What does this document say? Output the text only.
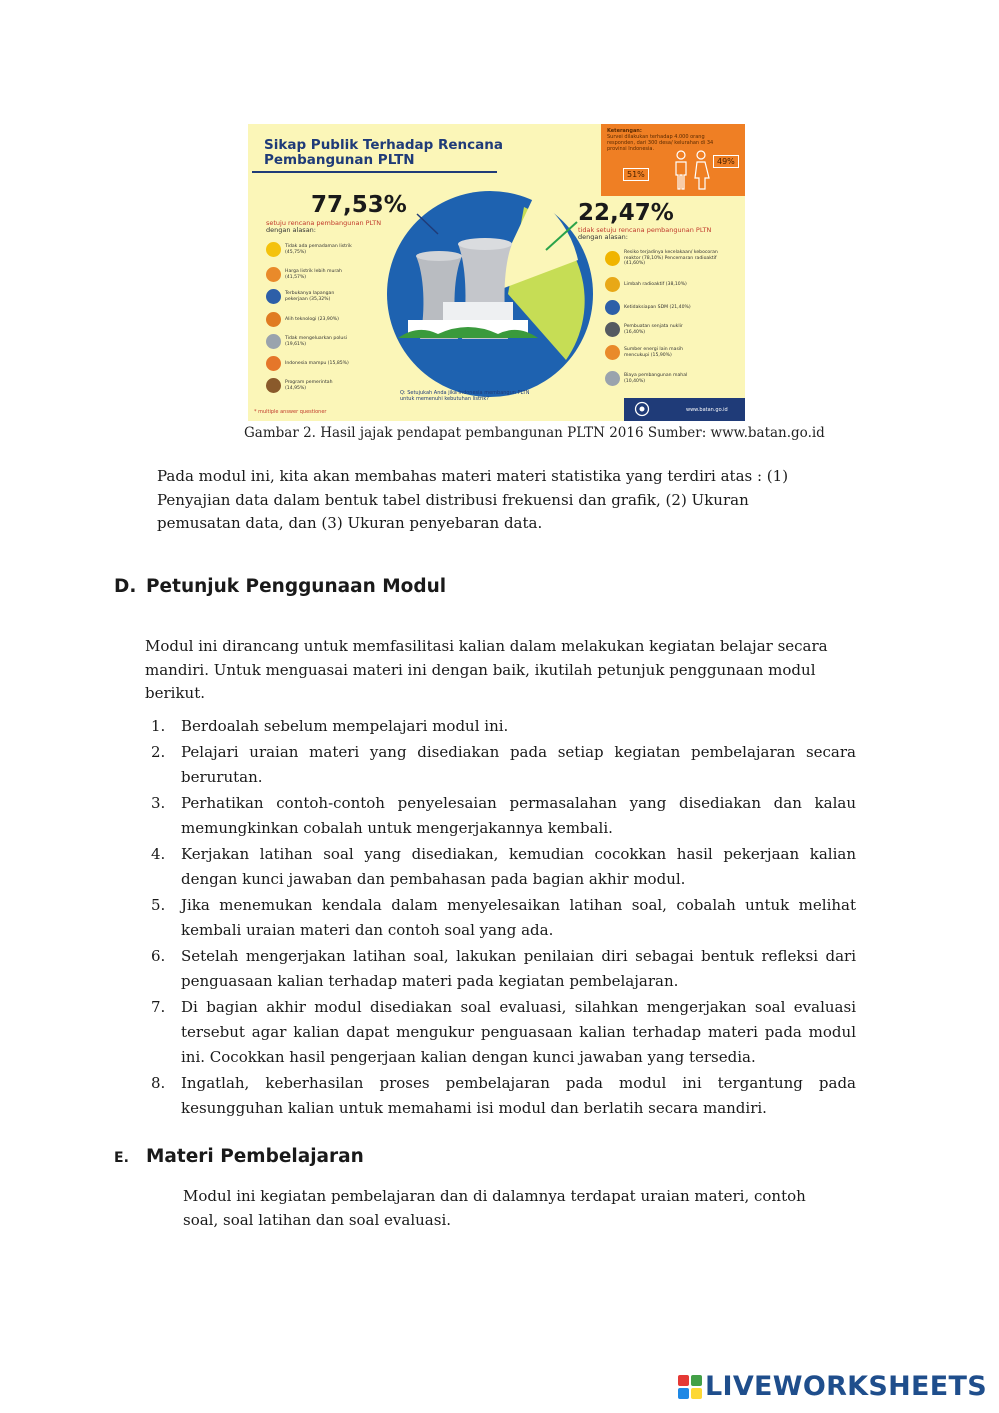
Sikap Publik Terhadap Rencana
Pembangunan PLTN
Keterangan:
Survei dilakukan terhadap 4.000 orang responden, dari 300 desa/ kelurahan di 34 provinsi Indonesia.
51%
49%
77,53%
setuju rencana pembangunan PLTN
dengan alasan:
22,47%
tidak setuju rencana pembangunan PLTN
dengan alasan:
Tidak ada pemadaman listrik (45,75%)
Harga listrik lebih murah (41,57%)
Terbukanya lapangan pekerjaan (35,32%)
Alih teknologi (23,90%)
Tidak mengeluarkan polusi (19,61%)
Indonesia mampu (15,85%)
Program pemerintah (14,95%)
Resiko terjadinya kecelakaan/ kebocoran reaktor (78,10%) Pencemaran radioaktif (41,60%)
Limbah radioaktif (38,10%)
Ketidaksiapan SDM (21,40%)
Pembuatan senjata nuklir (16,40%)
Sumber energi lain masih mencukupi (15,90%)
Biaya pembangunan mahal (10,40%)
Q: Setujukah Anda jika Indonesia membangun PLTN untuk memenuhi kebutuhan listrik?
* multiple answer questioner	www.batan.go.id
Gambar 2. Hasil jajak pendapat pembangunan PLTN 2016 Sumber: www.batan.go.id
Pada modul ini, kita akan membahas materi materi statistika yang terdiri atas : (1) Penyajian data dalam bentuk tabel distribusi frekuensi dan grafik, (2) Ukuran pemusatan data, dan (3) Ukuran penyebaran data.
D. Petunjuk Penggunaan Modul
Modul ini dirancang untuk memfasilitasi kalian dalam melakukan kegiatan belajar secara mandiri. Untuk menguasai materi ini dengan baik, ikutilah petunjuk penggunaan modul berikut.
1. Berdoalah sebelum mempelajari modul ini.
2. Pelajari uraian materi yang disediakan pada setiap kegiatan pembelajaran secara berurutan.
3. Perhatikan contoh-contoh penyelesaian permasalahan yang disediakan dan kalau memungkinkan cobalah untuk mengerjakannya kembali.
4. Kerjakan latihan soal yang disediakan, kemudian cocokkan hasil pekerjaan kalian dengan kunci jawaban dan pembahasan pada bagian akhir modul.
5. Jika menemukan kendala dalam menyelesaikan latihan soal, cobalah untuk melihat kembali uraian materi dan contoh soal yang ada.
6. Setelah mengerjakan latihan soal, lakukan penilaian diri sebagai bentuk refleksi dari penguasaan kalian terhadap materi pada kegiatan pembelajaran.
7. Di bagian akhir modul disediakan soal evaluasi, silahkan mengerjakan soal evaluasi tersebut agar kalian dapat mengukur penguasaan kalian terhadap materi pada modul ini. Cocokkan hasil pengerjaan kalian dengan kunci jawaban yang tersedia.
8. Ingatlah, keberhasilan proses pembelajaran pada modul ini tergantung pada kesungguhan kalian untuk memahami isi modul dan berlatih secara mandiri.
E. Materi Pembelajaran
Modul ini kegiatan pembelajaran dan di dalamnya terdapat uraian materi, contoh soal, soal latihan dan soal evaluasi.
LIVEWORKSHEETS
